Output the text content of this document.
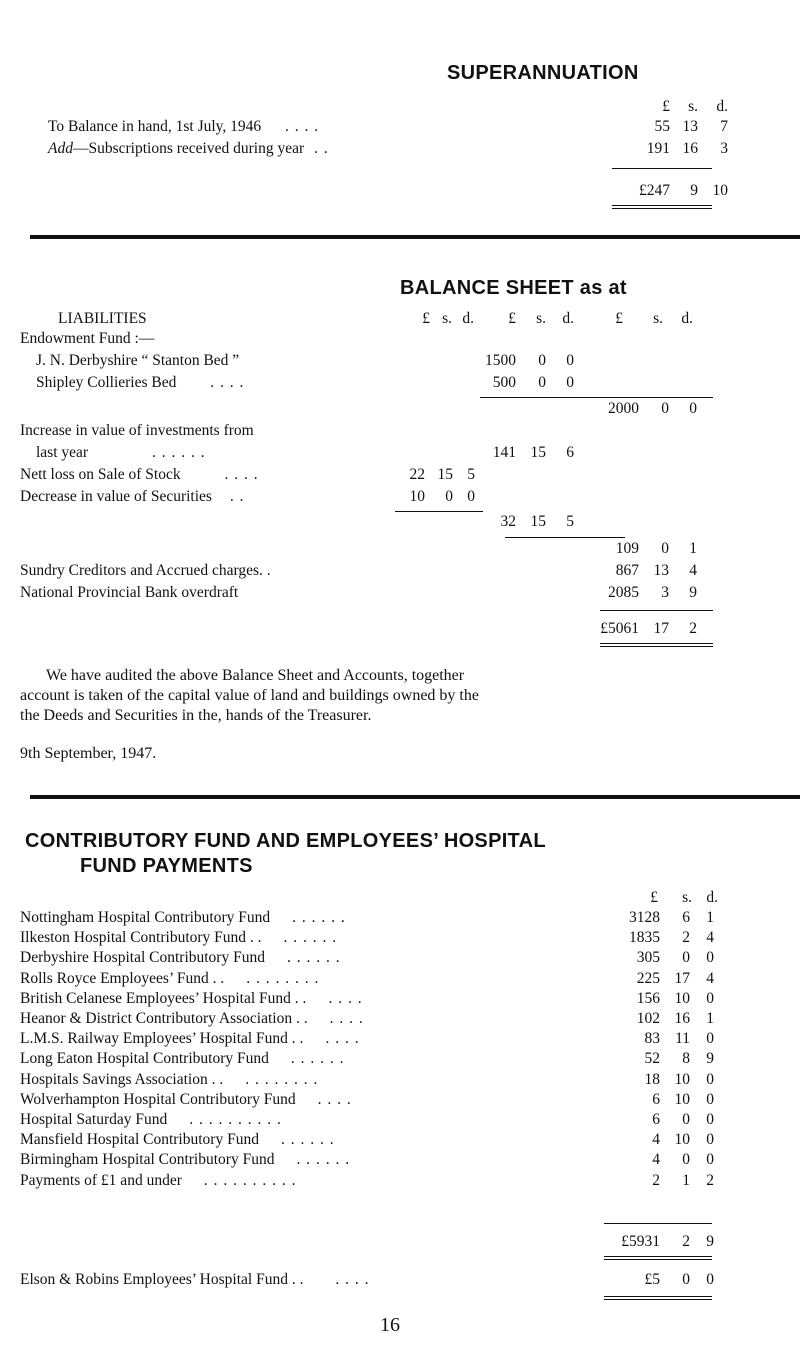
SUPERANNUATION
£ s. d.
To Balance in hand, 1st July, 1946 . . . .	55 13 7
Add—Subscriptions received during year . .	191 16 3
£247 9 10
BALANCE SHEET as at
LIABILITIES	£ s. d.	£ s. d.	£ s. d.
Endowment Fund :—
J. N. Derbyshire “ Stanton Bed ”	1500 0 0
Shipley Collieries Bed . . . .	500 0 0
2000 0 0
Increase in value of investments from
last year	. . . . . .	141 15 6
Nett loss on Sale of Stock	. . . .	22 15 5
Decrease in value of Securities . .	10 0 0
32 15 5
109 0 1
Sundry Creditors and Accrued charges. .	867 13 4
National Provincial Bank overdraft	2085 3 9
£5061 17 2
We have audited the above Balance Sheet and Accounts, together
account is taken of the capital value of land and buildings owned by the
the Deeds and Securities in the, hands of the Treasurer.
9th September, 1947.
CONTRIBUTORY FUND AND EMPLOYEES’ HOSPITAL
FUND PAYMENTS
£ s. d.
Nottingham Hospital Contributory Fund . . . . . .	3128 6 1
Ilkeston Hospital Contributory Fund . . . . . . . .	1835 2 4
Derbyshire Hospital Contributory Fund . . . . . .	305 0 0
Rolls Royce Employees’ Fund . . . . . . . . . .	225 17 4
British Celanese Employees’ Hospital Fund . . . . . .	156 10 0
Heanor & District Contributory Association . . . . . .	102 16 1
L.M.S. Railway Employees’ Hospital Fund . . . . . .	83 11 0
Long Eaton Hospital Contributory Fund . . . . . .	52 8 9
Hospitals Savings Association . . . . . . . . . .	18 10 0
Wolverhampton Hospital Contributory Fund . . . .	6 10 0
Hospital Saturday Fund . . . . . . . . . .	6 0 0
Mansfield Hospital Contributory Fund . . . . . .	4 10 0
Birmingham Hospital Contributory Fund . . . . . .	4 0 0
Payments of £1 and under . . . . . . . . . .	2 1 2
£5931 2 9
Elson & Robins Employees’ Hospital Fund . . . . . .	£5 0 0
16
